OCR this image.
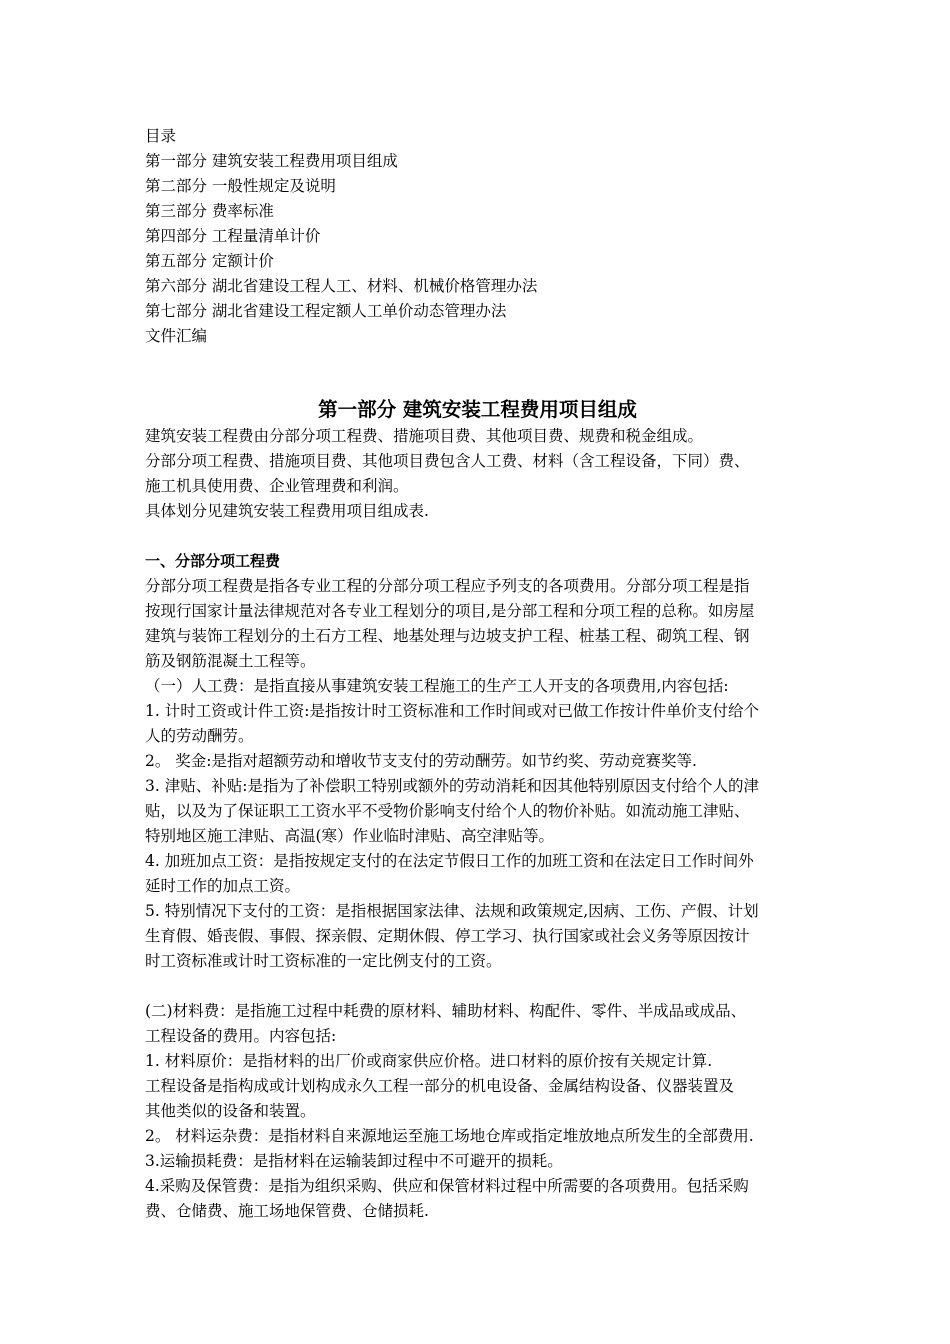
目录
第一部分 建筑安装工程费用项目组成
第二部分 一般性规定及说明
第三部分 费率标准
第四部分 工程量清单计价
第五部分 定额计价
第六部分 湖北省建设工程人工、材料、机械价格管理办法
第七部分 湖北省建设工程定额人工单价动态管理办法
文件汇编
第一部分 建筑安装工程费用项目组成
建筑安装工程费由分部分项工程费、措施项目费、其他项目费、规费和税金组成。
分部分项工程费、措施项目费、其他项目费包含人工费、材料（含工程设备，下同）费、
施工机具使用费、企业管理费和利润。
具体划分见建筑安装工程费用项目组成表.
一、分部分项工程费
分部分项工程费是指各专业工程的分部分项工程应予列支的各项费用。分部分项工程是指
按现行国家计量法律规范对各专业工程划分的项目,是分部工程和分项工程的总称。如房屋
建筑与装饰工程划分的土石方工程、地基处理与边坡支护工程、桩基工程、砌筑工程、钢
筋及钢筋混凝土工程等。
（一）人工费：是指直接从事建筑安装工程施工的生产工人开支的各项费用,内容包括:
1. 计时工资或计件工资:是指按计时工资标准和工作时间或对已做工作按计件单价支付给个
人的劳动酬劳。
2。 奖金:是指对超额劳动和增收节支支付的劳动酬劳。如节约奖、劳动竞赛奖等.
3. 津贴、补贴:是指为了补偿职工特别或额外的劳动消耗和因其他特别原因支付给个人的津
贴，以及为了保证职工工资水平不受物价影响支付给个人的物价补贴。如流动施工津贴、
特别地区施工津贴、高温(寒）作业临时津贴、高空津贴等。
4. 加班加点工资：是指按规定支付的在法定节假日工作的加班工资和在法定日工作时间外
延时工作的加点工资。
5. 特别情况下支付的工资：是指根据国家法律、法规和政策规定,因病、工伤、产假、计划
生育假、婚丧假、事假、探亲假、定期休假、停工学习、执行国家或社会义务等原因按计
时工资标准或计时工资标准的一定比例支付的工资。
(二)材料费：是指施工过程中耗费的原材料、辅助材料、构配件、零件、半成品或成品、
工程设备的费用。内容包括:
1. 材料原价：是指材料的出厂价或商家供应价格。进口材料的原价按有关规定计算.
工程设备是指构成或计划构成永久工程一部分的机电设备、金属结构设备、仪器装置及
其他类似的设备和装置。
2。 材料运杂费：是指材料自来源地运至施工场地仓库或指定堆放地点所发生的全部费用.
3.运输损耗费：是指材料在运输装卸过程中不可避开的损耗。
4.采购及保管费：是指为组织采购、供应和保管材料过程中所需要的各项费用。包括采购
费、仓储费、施工场地保管费、仓储损耗.
